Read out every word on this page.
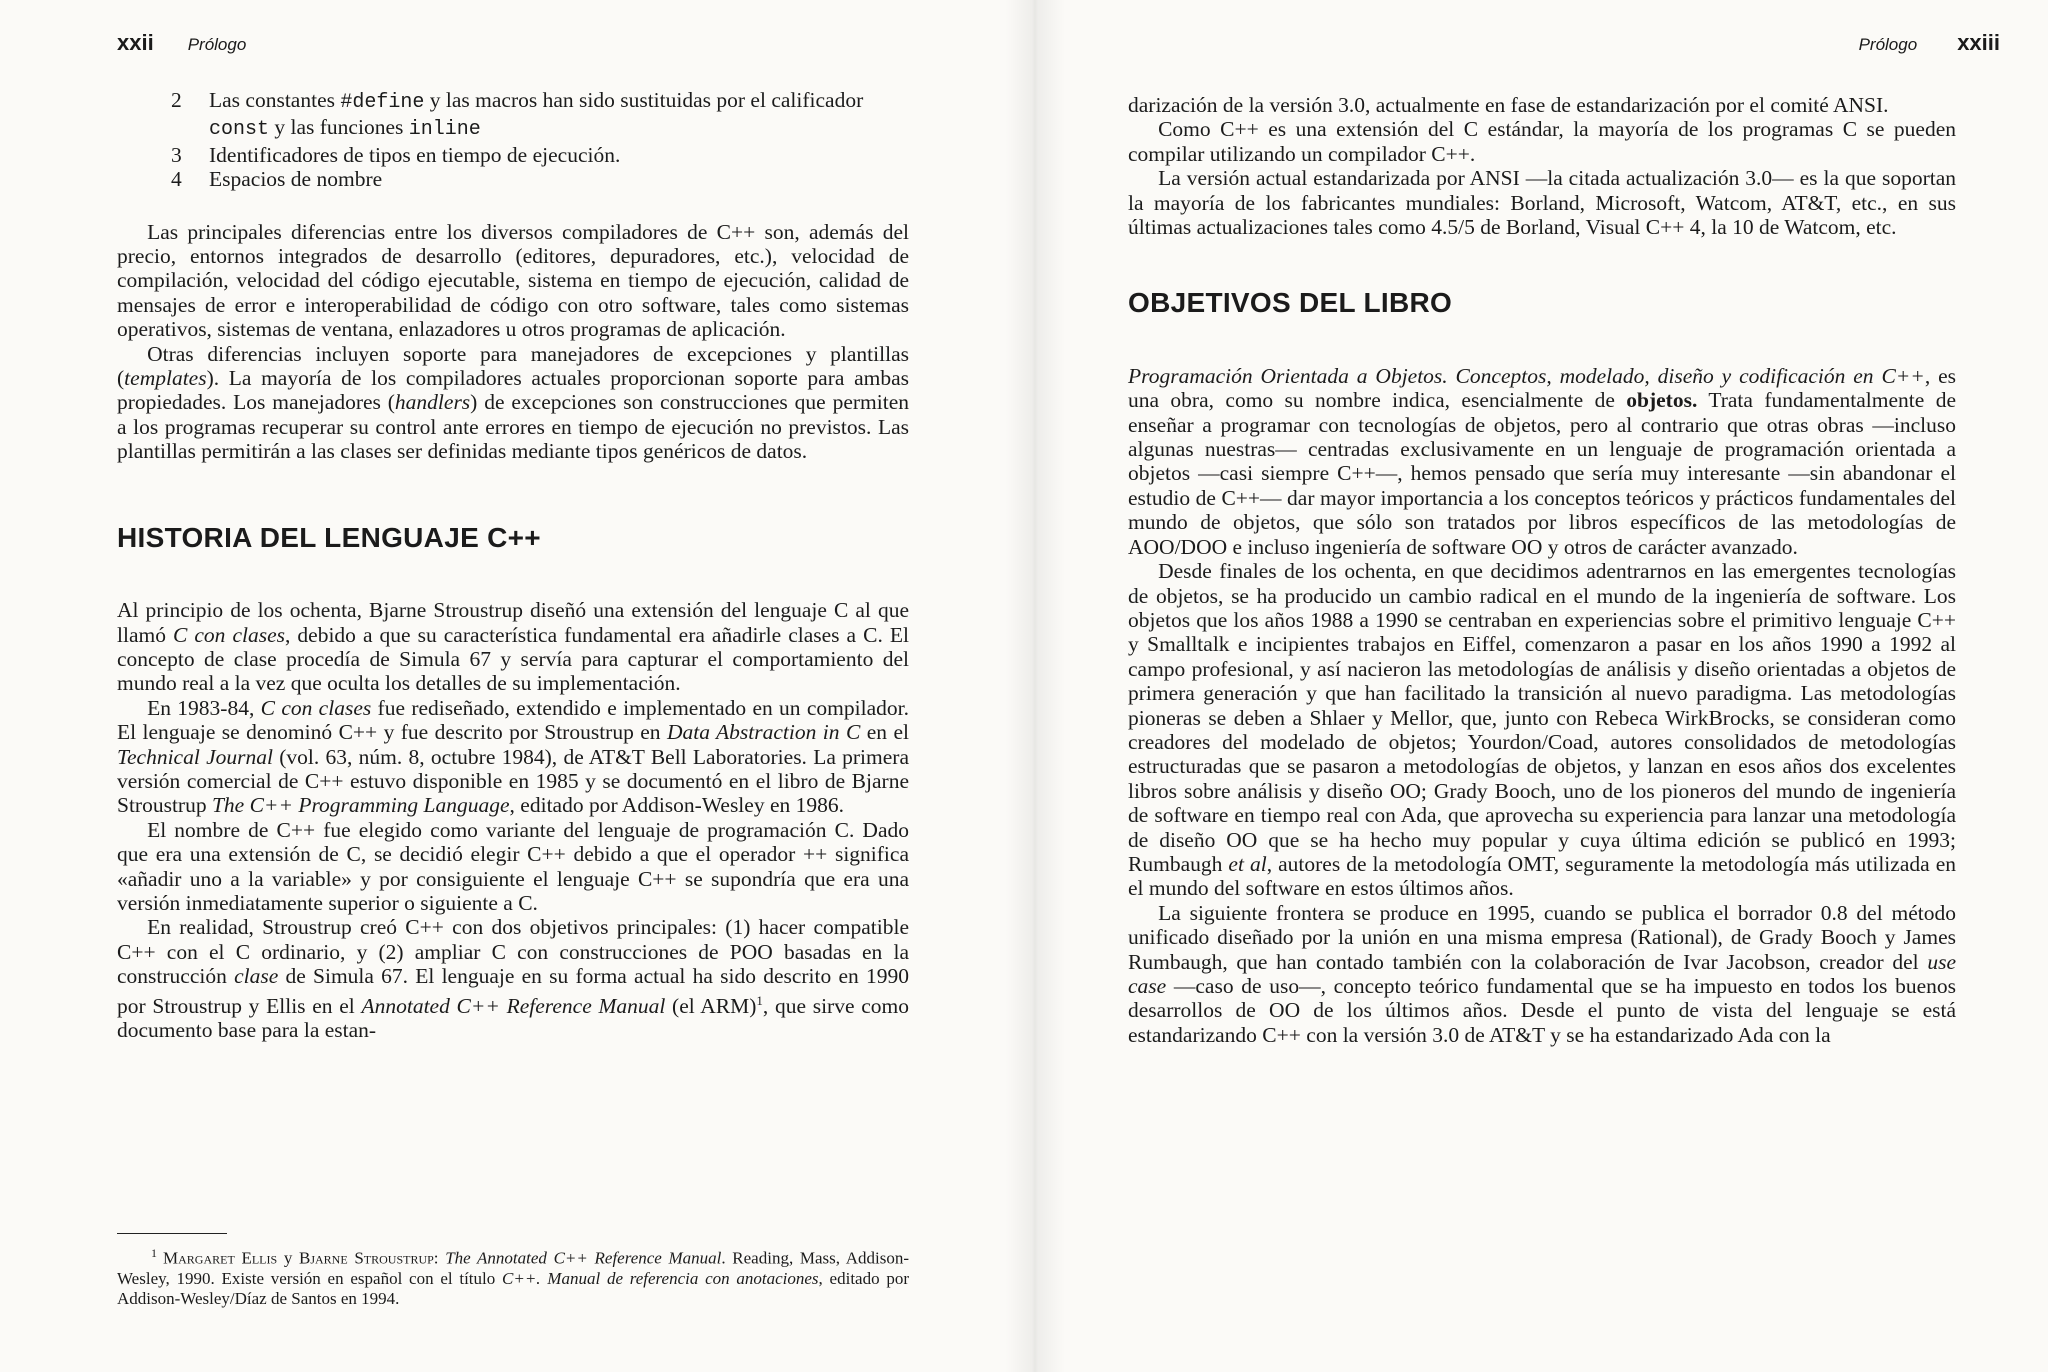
xxii Prólogo
2 Las constantes #define y las macros han sido sustituidas por el calificador const y las funciones inline
3 Identificadores de tipos en tiempo de ejecución.
4 Espacios de nombre

Las principales diferencias entre los diversos compiladores de C++ son, además del precio, entornos integrados de desarrollo (editores, depuradores, etc.), velocidad de compilación, velocidad del código ejecutable, sistema en tiempo de ejecución, calidad de mensajes de error e interoperabilidad de código con otro software, tales como sistemas operativos, sistemas de ventana, enlazadores u otros programas de aplicación.

Otras diferencias incluyen soporte para manejadores de excepciones y plantillas (templates). La mayoría de los compiladores actuales proporcionan soporte para ambas propiedades. Los manejadores (handlers) de excepciones son construcciones que permiten a los programas recuperar su control ante errores en tiempo de ejecución no previstos. Las plantillas permitirán a las clases ser definidas mediante tipos genéricos de datos.

HISTORIA DEL LENGUAJE C++

Al principio de los ochenta, Bjarne Stroustrup diseñó una extensión del lenguaje C al que llamó C con clases, debido a que su característica fundamental era añadirle clases a C. El concepto de clase procedía de Simula 67 y servía para capturar el comportamiento del mundo real a la vez que oculta los detalles de su implementación.

En 1983-84, C con clases fue rediseñado, extendido e implementado en un compilador. El lenguaje se denominó C++ y fue descrito por Stroustrup en Data Abstraction in C en el Technical Journal (vol. 63, núm. 8, octubre 1984), de AT&T Bell Laboratories. La primera versión comercial de C++ estuvo disponible en 1985 y se documentó en el libro de Bjarne Stroustrup The C++ Programming Language, editado por Addison-Wesley en 1986.

El nombre de C++ fue elegido como variante del lenguaje de programación C. Dado que era una extensión de C, se decidió elegir C++ debido a que el operador ++ significa «añadir uno a la variable» y por consiguiente el lenguaje C++ se supondría que era una versión inmediatamente superior o siguiente a C.

En realidad, Stroustrup creó C++ con dos objetivos principales: (1) hacer compatible C++ con el C ordinario, y (2) ampliar C con construcciones de POO basadas en la construcción clase de Simula 67. El lenguaje en su forma actual ha sido descrito en 1990 por Stroustrup y Ellis en el Annotated C++ Reference Manual (el ARM)$^1$, que sirve como documento base para la estan-

$^1$ Margaret Ellis y Bjarne Stroustrup: The Annotated C++ Reference Manual. Reading, Mass, Addison-Wesley, 1990. Existe versión en español con el título C++. Manual de referencia con anotaciones, editado por Addison-Wesley/Díaz de Santos en 1994.
Prólogo xxiii

darización de la versión 3.0, actualmente en fase de estandarización por el comité ANSI.

Como C++ es una extensión del C estándar, la mayoría de los programas C se pueden compilar utilizando un compilador C++.

La versión actual estandarizada por ANSI —la citada actualización 3.0— es la que soportan la mayoría de los fabricantes mundiales: Borland, Microsoft, Watcom, AT&T, etc., en sus últimas actualizaciones tales como 4.5/5 de Borland, Visual C++ 4, la 10 de Watcom, etc.

OBJETIVOS DEL LIBRO

Programación Orientada a Objetos. Conceptos, modelado, diseño y codificación en C++, es una obra, como su nombre indica, esencialmente de objetos. Trata fundamentalmente de enseñar a programar con tecnologías de objetos, pero al contrario que otras obras —incluso algunas nuestras— centradas exclusivamente en un lenguaje de programación orientada a objetos —casi siempre C++—, hemos pensado que sería muy interesante —sin abandonar el estudio de C++— dar mayor importancia a los conceptos teóricos y prácticos fundamentales del mundo de objetos, que sólo son tratados por libros específicos de las metodologías de AOO/DOO e incluso ingeniería de software OO y otros de carácter avanzado.

Desde finales de los ochenta, en que decidimos adentrarnos en las emergentes tecnologías de objetos, se ha producido un cambio radical en el mundo de la ingeniería de software. Los objetos que los años 1988 a 1990 se centraban en experiencias sobre el primitivo lenguaje C++ y Smalltalk e incipientes trabajos en Eiffel, comenzaron a pasar en los años 1990 a 1992 al campo profesional, y así nacieron las metodologías de análisis y diseño orientadas a objetos de primera generación y que han facilitado la transición al nuevo paradigma. Las metodologías pioneras se deben a Shlaer y Mellor, que, junto con Rebeca WirkBrocks, se consideran como creadores del modelado de objetos; Yourdon/Coad, autores consolidados de metodologías estructuradas que se pasaron a metodologías de objetos, y lanzan en esos años dos excelentes libros sobre análisis y diseño OO; Grady Booch, uno de los pioneros del mundo de ingeniería de software en tiempo real con Ada, que aprovecha su experiencia para lanzar una metodología de diseño OO que se ha hecho muy popular y cuya última edición se publicó en 1993; Rumbaugh et al, autores de la metodología OMT, seguramente la metodología más utilizada en el mundo del software en estos últimos años.

La siguiente frontera se produce en 1995, cuando se publica el borrador 0.8 del método unificado diseñado por la unión en una misma empresa (Rational), de Grady Booch y James Rumbaugh, que han contado también con la colaboración de Ivar Jacobson, creador del use case —caso de uso—, concepto teórico fundamental que se ha impuesto en todos los buenos desarrollos de OO de los últimos años. Desde el punto de vista del lenguaje se está estandarizando C++ con la versión 3.0 de AT&T y se ha estandarizado Ada con la
